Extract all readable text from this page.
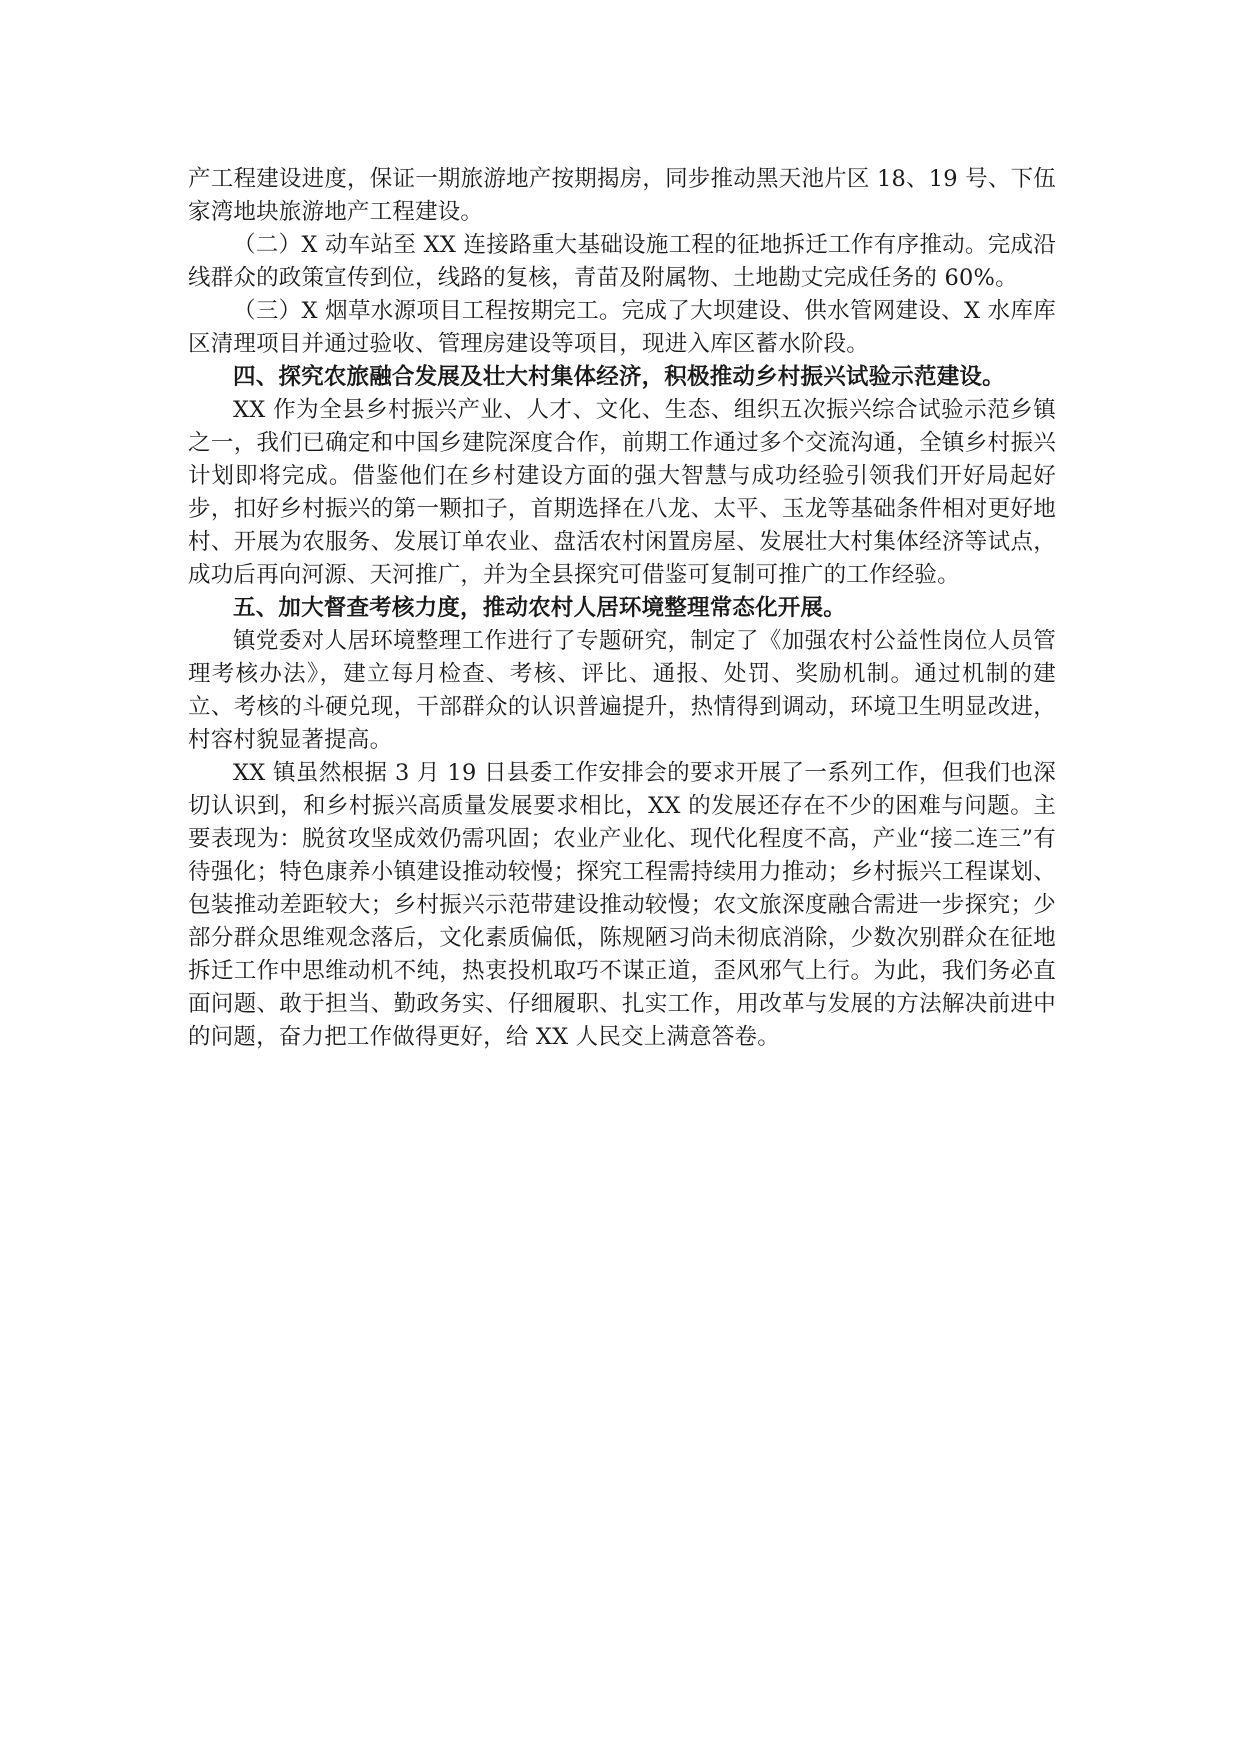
产工程建设进度，保证一期旅游地产按期揭房，同步推动黑天池片区 18、19 号、下伍家湾地块旅游地产工程建设。

（二）X 动车站至 XX 连接路重大基础设施工程的征地拆迁工作有序推动。完成沿线群众的政策宣传到位，线路的复核，青苗及附属物、土地勘丈完成任务的 60%。

（三）X 烟草水源项目工程按期完工。完成了大坝建设、供水管网建设、X 水库库区清理项目并通过验收、管理房建设等项目，现进入库区蓄水阶段。

四、探究农旅融合发展及壮大村集体经济，积极推动乡村振兴试验示范建设。

XX 作为全县乡村振兴产业、人才、文化、生态、组织五次振兴综合试验示范乡镇之一，我们已确定和中国乡建院深度合作，前期工作通过多个交流沟通，全镇乡村振兴计划即将完成。借鉴他们在乡村建设方面的强大智慧与成功经验引领我们开好局起好步，扣好乡村振兴的第一颗扣子，首期选择在八龙、太平、玉龙等基础条件相对更好地村、开展为农服务、发展订单农业、盘活农村闲置房屋、发展壮大村集体经济等试点，成功后再向河源、天河推广，并为全县探究可借鉴可复制可推广的工作经验。

五、加大督查考核力度，推动农村人居环境整理常态化开展。

镇党委对人居环境整理工作进行了专题研究，制定了《加强农村公益性岗位人员管理考核办法》，建立每月检查、考核、评比、通报、处罚、奖励机制。通过机制的建立、考核的斗硬兑现，干部群众的认识普遍提升，热情得到调动，环境卫生明显改进，村容村貌显著提高。

XX 镇虽然根据 3 月 19 日县委工作安排会的要求开展了一系列工作，但我们也深切认识到，和乡村振兴高质量发展要求相比，XX 的发展还存在不少的困难与问题。主要表现为：脱贫攻坚成效仍需巩固；农业产业化、现代化程度不高，产业“接二连三”有待强化；特色康养小镇建设推动较慢；探究工程需持续用力推动；乡村振兴工程谋划、包装推动差距较大；乡村振兴示范带建设推动较慢；农文旅深度融合需进一步探究；少部分群众思维观念落后，文化素质偏低，陈规陋习尚未彻底消除，少数次别群众在征地拆迁工作中思维动机不纯，热衷投机取巧不谋正道，歪风邪气上行。为此，我们务必直面问题、敢于担当、勤政务实、仔细履职、扎实工作，用改革与发展的方法解决前进中的问题，奋力把工作做得更好，给 XX 人民交上满意答卷。
